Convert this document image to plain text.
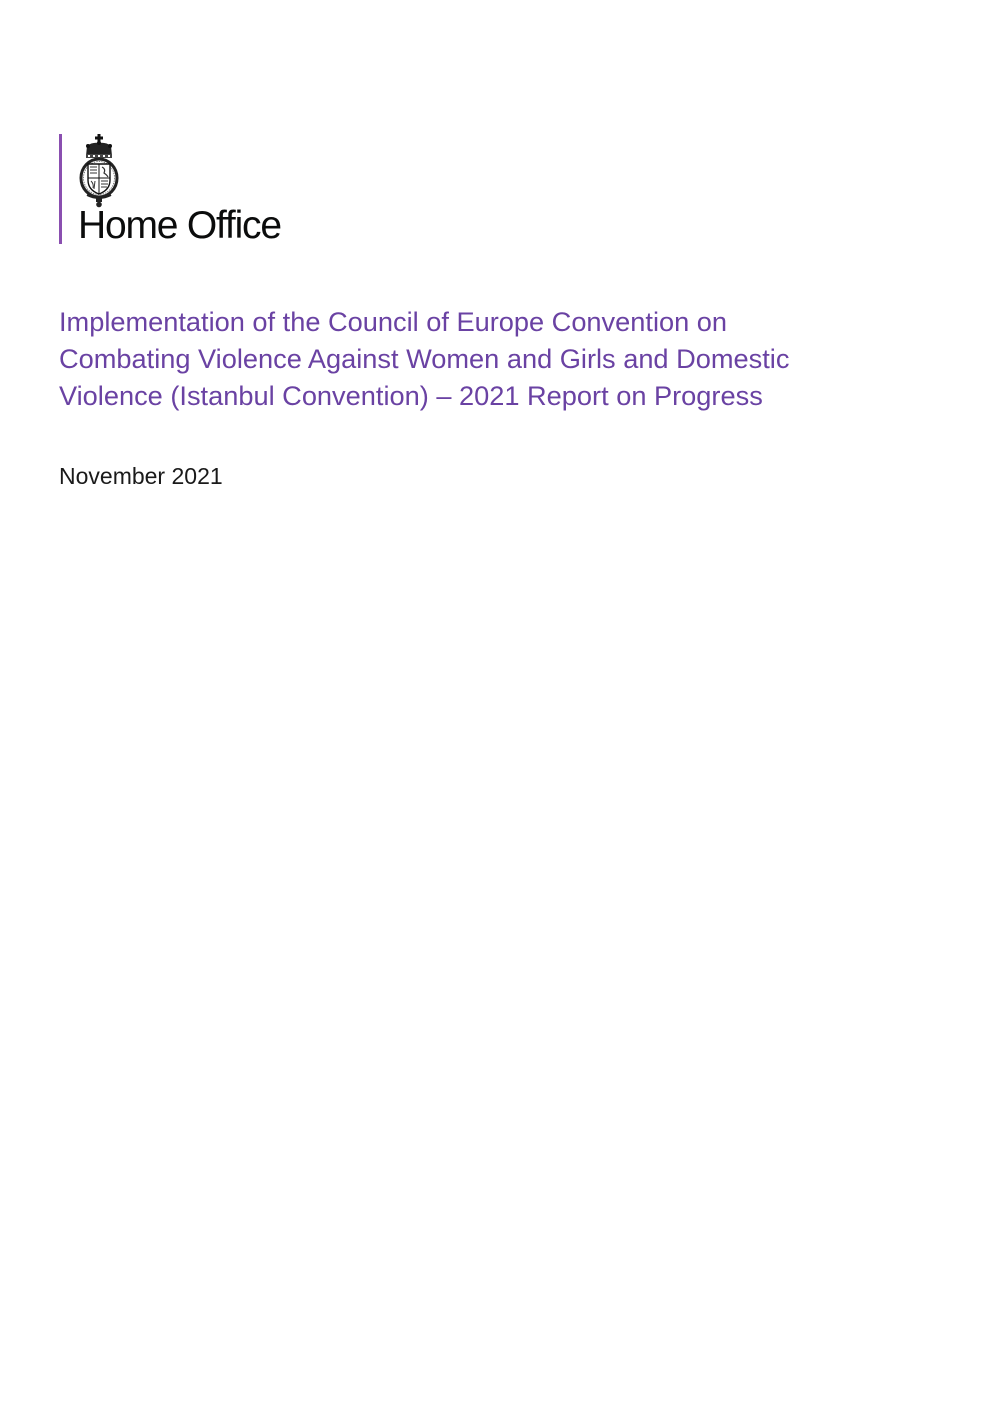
Home Office
Implementation of the Council of Europe Convention on
Combating Violence Against Women and Girls and Domestic
Violence (Istanbul Convention) – 2021 Report on Progress
November 2021
